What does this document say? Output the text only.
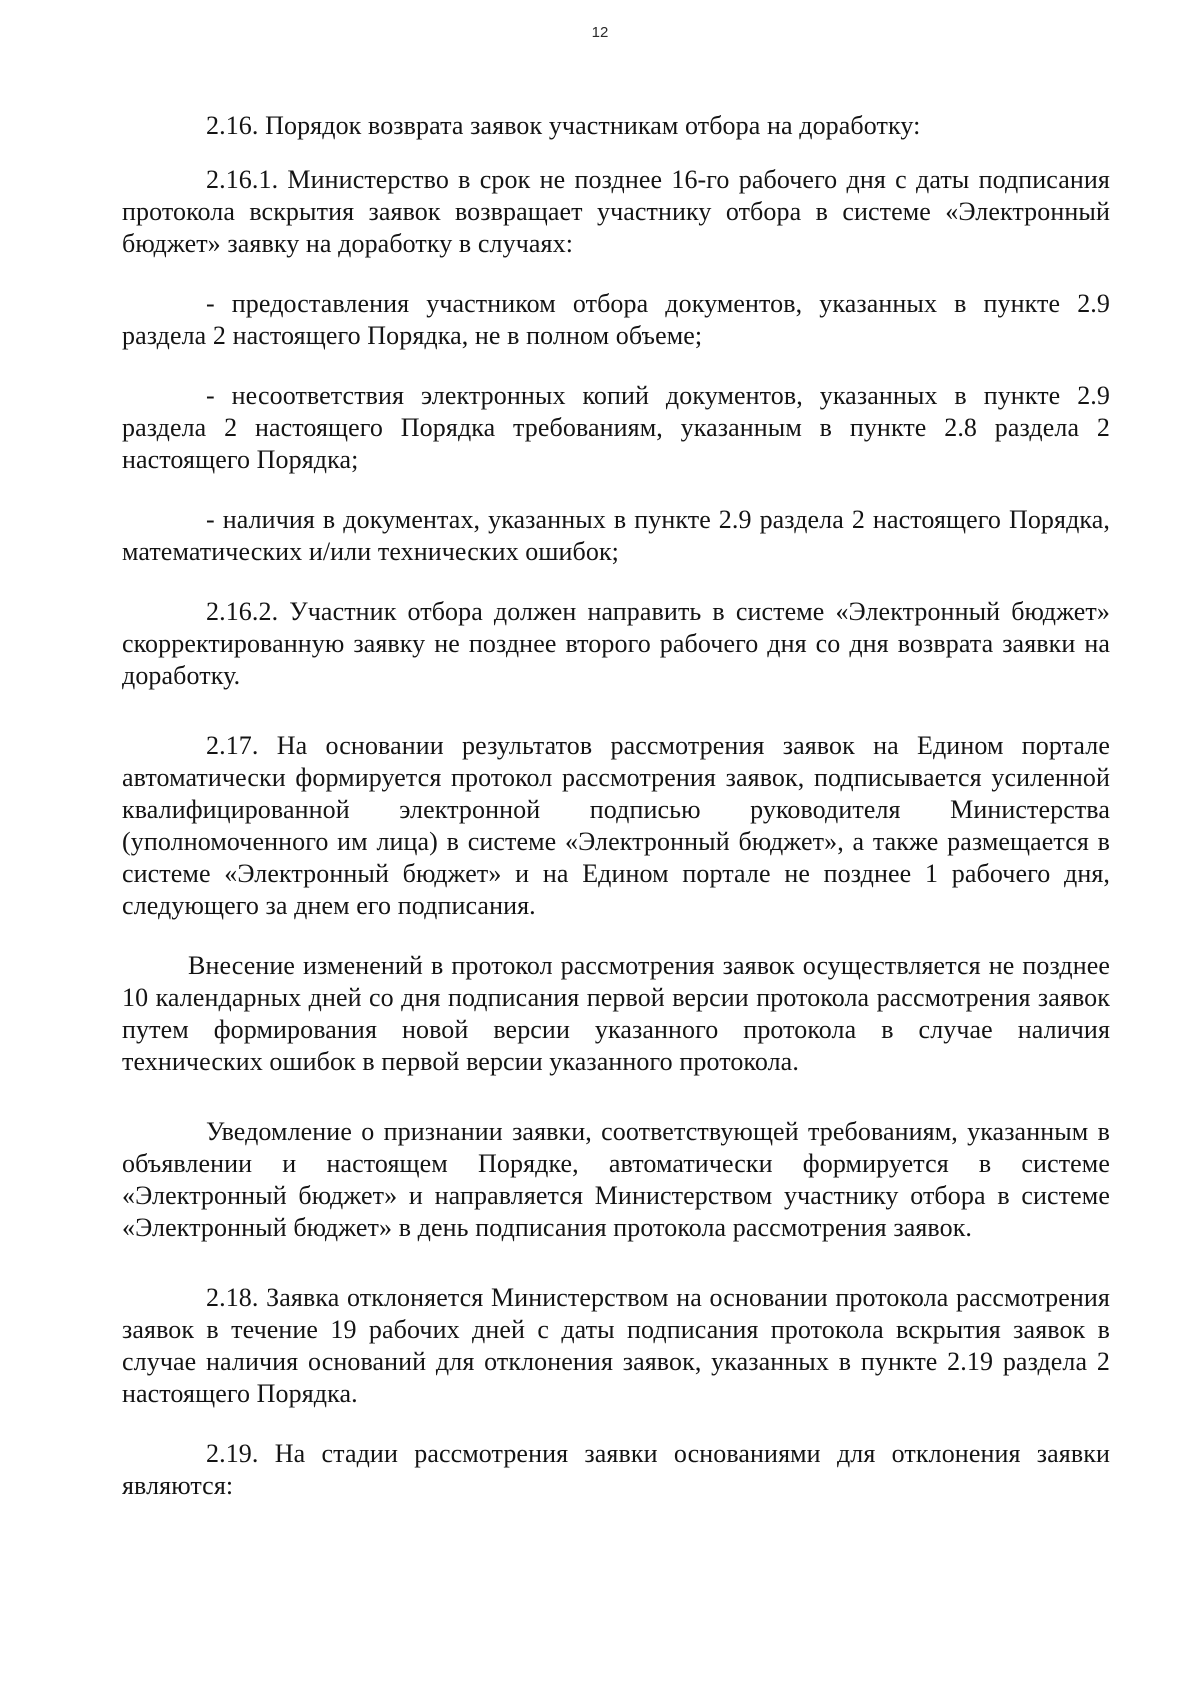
12

2.16. Порядок возврата заявок участникам отбора на доработку:

2.16.1. Министерство в срок не позднее 16-го рабочего дня с даты подписания протокола вскрытия заявок возвращает участнику отбора в системе «Электронный бюджет» заявку на доработку в случаях:

- предоставления участником отбора документов, указанных в пункте 2.9 раздела 2 настоящего Порядка, не в полном объеме;

- несоответствия электронных копий документов, указанных в пункте 2.9 раздела 2 настоящего Порядка требованиям, указанным в пункте 2.8 раздела 2 настоящего Порядка;

- наличия в документах, указанных в пункте 2.9 раздела 2 настоящего Порядка, математических и/или технических ошибок;

2.16.2. Участник отбора должен направить в системе «Электронный бюджет» скорректированную заявку не позднее второго рабочего дня со дня возврата заявки на доработку.

2.17. На основании результатов рассмотрения заявок на Едином портале автоматически формируется протокол рассмотрения заявок, подписывается усиленной квалифицированной электронной подписью руководителя Министерства (уполномоченного им лица) в системе «Электронный бюджет», а также размещается в системе «Электронный бюджет» и на Едином портале не позднее 1 рабочего дня, следующего за днем его подписания.

Внесение изменений в протокол рассмотрения заявок осуществляется не позднее 10 календарных дней со дня подписания первой версии протокола рассмотрения заявок путем формирования новой версии указанного протокола в случае наличия технических ошибок в первой версии указанного протокола.

Уведомление о признании заявки, соответствующей требованиям, указанным в объявлении и настоящем Порядке, автоматически формируется в системе «Электронный бюджет» и направляется Министерством участнику отбора в системе «Электронный бюджет» в день подписания протокола рассмотрения заявок.

2.18. Заявка отклоняется Министерством на основании протокола рассмотрения заявок в течение 19 рабочих дней с даты подписания протокола вскрытия заявок в случае наличия оснований для отклонения заявок, указанных в пункте 2.19 раздела 2 настоящего Порядка.

2.19. На стадии рассмотрения заявки основаниями для отклонения заявки являются:
